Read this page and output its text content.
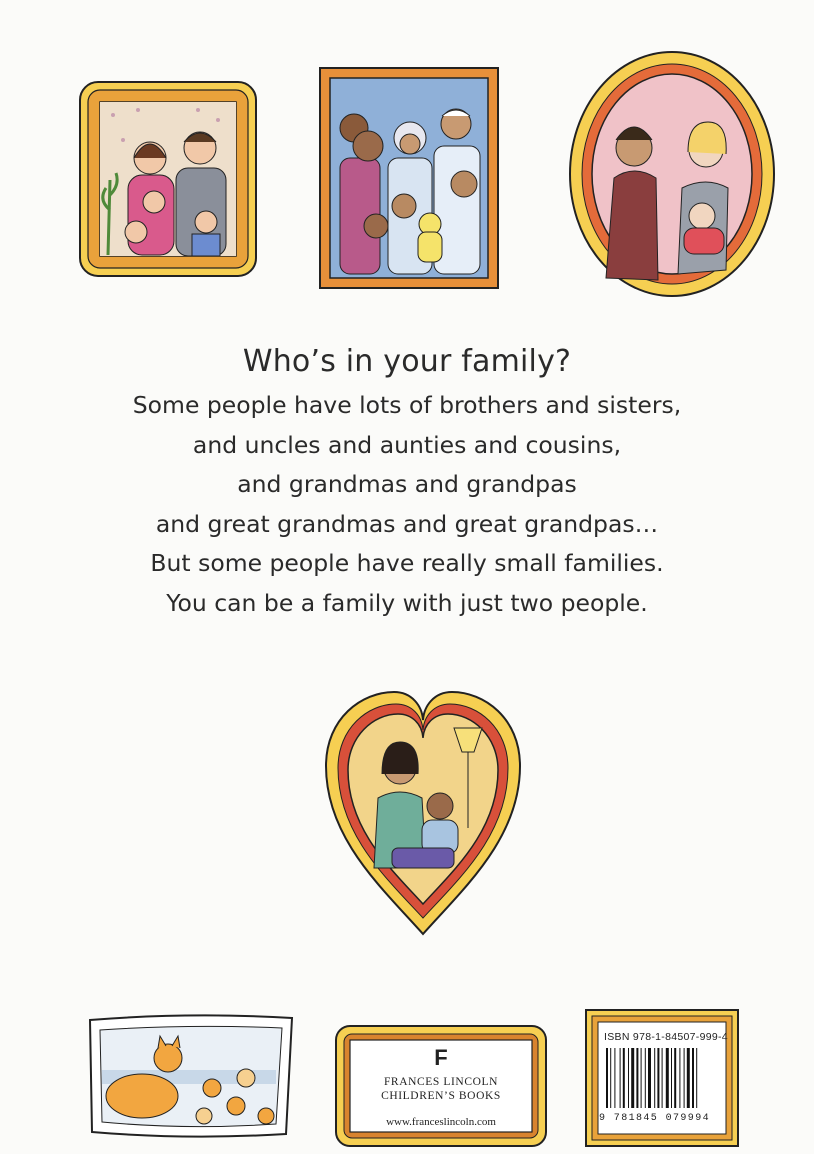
Who’s in your family?
Some people have lots of brothers and sisters,
and uncles and aunties and cousins,
and grandmas and grandpas
and great grandmas and great grandpas…
But some people have really small families.
You can be a family with just two people.
F
FRANCES LINCOLN
CHILDREN’S BOOKS
www.franceslincoln.com
ISBN 978-1-84507-999-4
9 781845 079994
